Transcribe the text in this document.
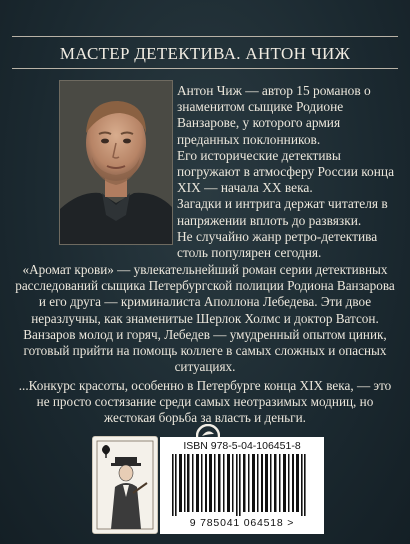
МАСТЕР ДЕТЕКТИВА. АНТОН ЧИЖ

Антон Чиж — автор 15 романов о знаменитом сыщике Родионе Ванзарове, у которого армия преданных поклонников.

Его исторические детективы погружают в атмосферу России конца XIX — начала XX века.

Загадки и интрига держат читателя в напряжении вплоть до развязки.

Не случайно жанр ретро-детектива столь популярен сегодня.

«Аромат крови» — увлекательнейший роман серии детективных расследований сыщика Петербургской полиции Родиона Ванзарова и его друга — криминалиста Аполлона Лебедева. Эти двое неразлучны, как знаменитые Шерлок Холмс и доктор Ватсон. Ванзаров молод и горяч, Лебедев — умудренный опытом циник, готовый прийти на помощь коллеге в самых сложных и опасных ситуациях.

...Конкурс красоты, особенно в Петербурге конца XIX века, — это не просто состязание среди самых неотразимых модниц, но жестокая борьба за власть и деньги.

ISBN 978-5-04-106451-8
9 785041 064518 >
